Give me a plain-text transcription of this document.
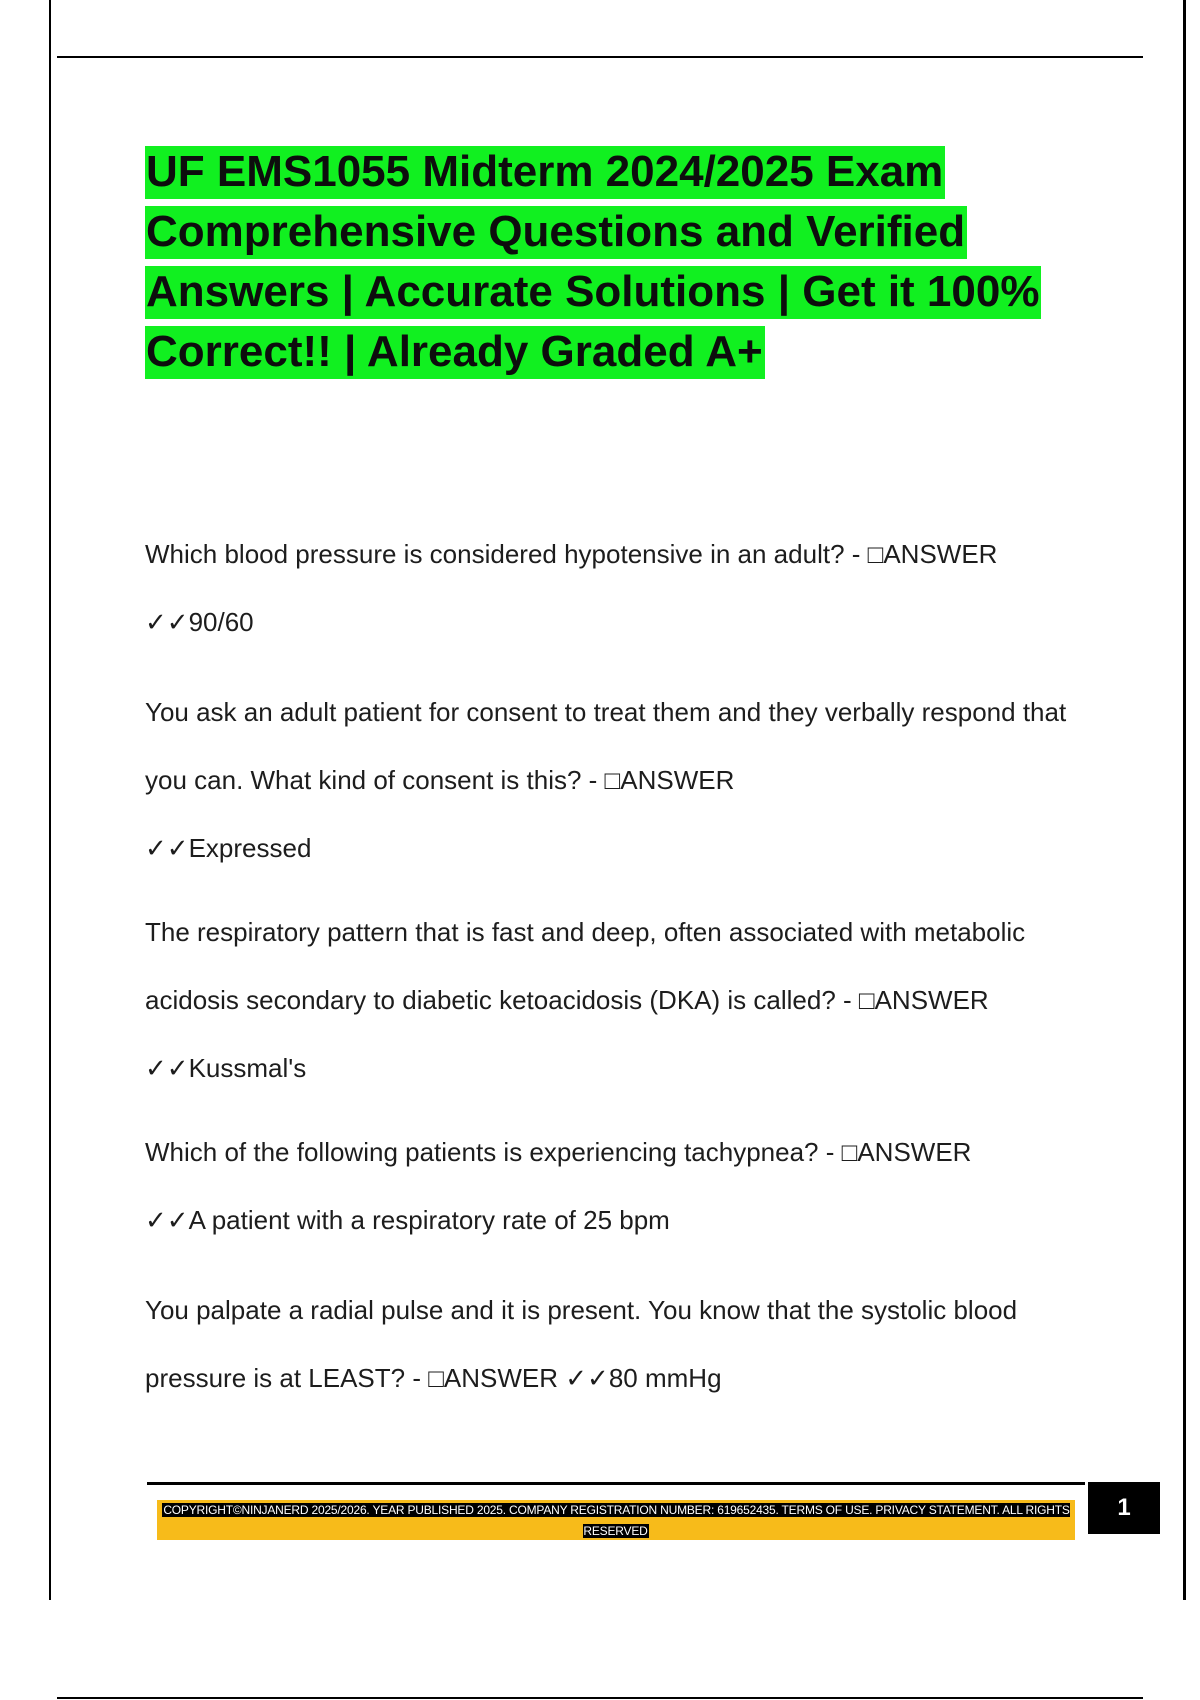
UF EMS1055 Midterm 2024/2025 Exam Comprehensive Questions and Verified Answers | Accurate Solutions | Get it 100% Correct!! | Already Graded A+

Which blood pressure is considered hypotensive in an adult? - □ANSWER

✓✓90/60

You ask an adult patient for consent to treat them and they verbally respond that you can. What kind of consent is this? - □ANSWER

✓✓Expressed

The respiratory pattern that is fast and deep, often associated with metabolic acidosis secondary to diabetic ketoacidosis (DKA) is called? - □ANSWER ✓✓Kussmal's

Which of the following patients is experiencing tachypnea? - □ANSWER

✓✓A patient with a respiratory rate of 25 bpm

You palpate a radial pulse and it is present. You know that the systolic blood pressure is at LEAST? - □ANSWER ✓✓80 mmHg

COPYRIGHT©NINJANERD 2025/2026. YEAR PUBLISHED 2025. COMPANY REGISTRATION NUMBER: 619652435. TERMS OF USE. PRIVACY STATEMENT. ALL RIGHTS RESERVED
1
